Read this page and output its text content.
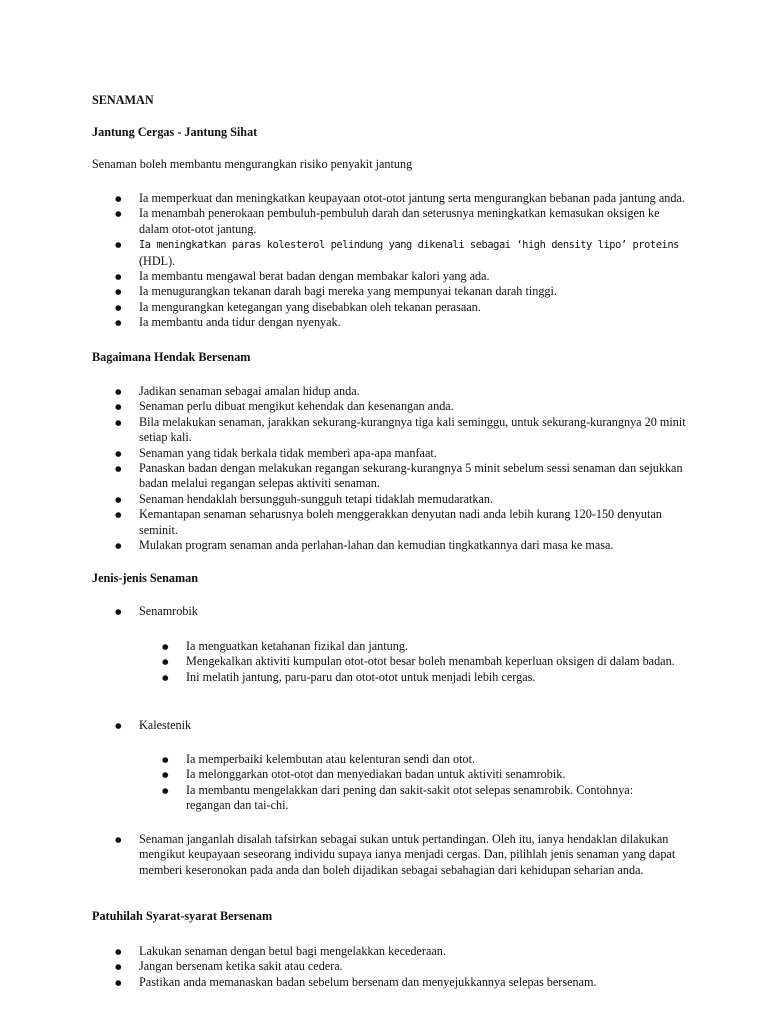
SENAMAN

Jantung Cergas - Jantung Sihat

Senaman boleh membantu mengurangkan risiko penyakit jantung

● Ia memperkuat dan meningkatkan keupayaan otot-otot jantung serta mengurangkan bebanan pada jantung anda.
● Ia menambah penerokaan pembuluh-pembuluh darah dan seterusnya meningkatkan kemasukan oksigen ke dalam otot-otot jantung.
● Ia meningkatkan paras kolesterol pelindung yang dikenali sebagai ‘high density lipo’ proteins (HDL).
● Ia membantu mengawal berat badan dengan membakar kalori yang ada.
● Ia menugurangkan tekanan darah bagi mereka yang mempunyai tekanan darah tinggi.
● Ia mengurangkan ketegangan yang disebabkan oleh tekanan perasaan.
● Ia membantu anda tidur dengan nyenyak.

Bagaimana Hendak Bersenam

● Jadikan senaman sebagai amalan hidup anda.
● Senaman perlu dibuat mengikut kehendak dan kesenangan anda.
● Bila melakukan senaman, jarakkan sekurang-kurangnya tiga kali seminggu, untuk sekurang-kurangnya 20 minit setiap kali.
● Senaman yang tidak berkala tidak memberi apa-apa manfaat.
● Panaskan badan dengan melakukan regangan sekurang-kurangnya 5 minit sebelum sessi senaman dan sejukkan badan melalui regangan selepas aktiviti senaman.
● Senaman hendaklah bersungguh-sungguh tetapi tidaklah memudaratkan.
● Kemantapan senaman seharusnya boleh menggerakkan denyutan nadi anda lebih kurang 120-150 denyutan seminit.
● Mulakan program senaman anda perlahan-lahan dan kemudian tingkatkannya dari masa ke masa.

Jenis-jenis Senaman

● Senamrobik
● Ia menguatkan ketahanan fizikal dan jantung.
● Mengekalkan aktiviti kumpulan otot-otot besar boleh menambah keperluan oksigen di dalam badan.
● Ini melatih jantung, paru-paru dan otot-otot untuk menjadi lebih cergas.
● Kalestenik
● Ia memperbaiki kelembutan atau kelenturan sendi dan otot.
● Ia melonggarkan otot-otot dan menyediakan badan untuk aktiviti senamrobik.
● Ia membantu mengelakkan dari pening dan sakit-sakit otot selepas senamrobik. Contohnya: regangan dan tai-chi.
● Senaman janganlah disalah tafsirkan sebagai sukan untuk pertandingan. Oleh itu, ianya hendaklan dilakukan mengikut keupayaan seseorang individu supaya ianya menjadi cergas. Dan, pilihlah jenis senaman yang dapat memberi keseronokan pada anda dan boleh dijadikan sebagai sebahagian dari kehidupan seharian anda.

Patuhilah Syarat-syarat Bersenam

● Lakukan senaman dengan betul bagi mengelakkan kecederaan.
● Jangan bersenam ketika sakit atau cedera.
● Pastikan anda memanaskan badan sebelum bersenam dan menyejukkannya selepas bersenam.
